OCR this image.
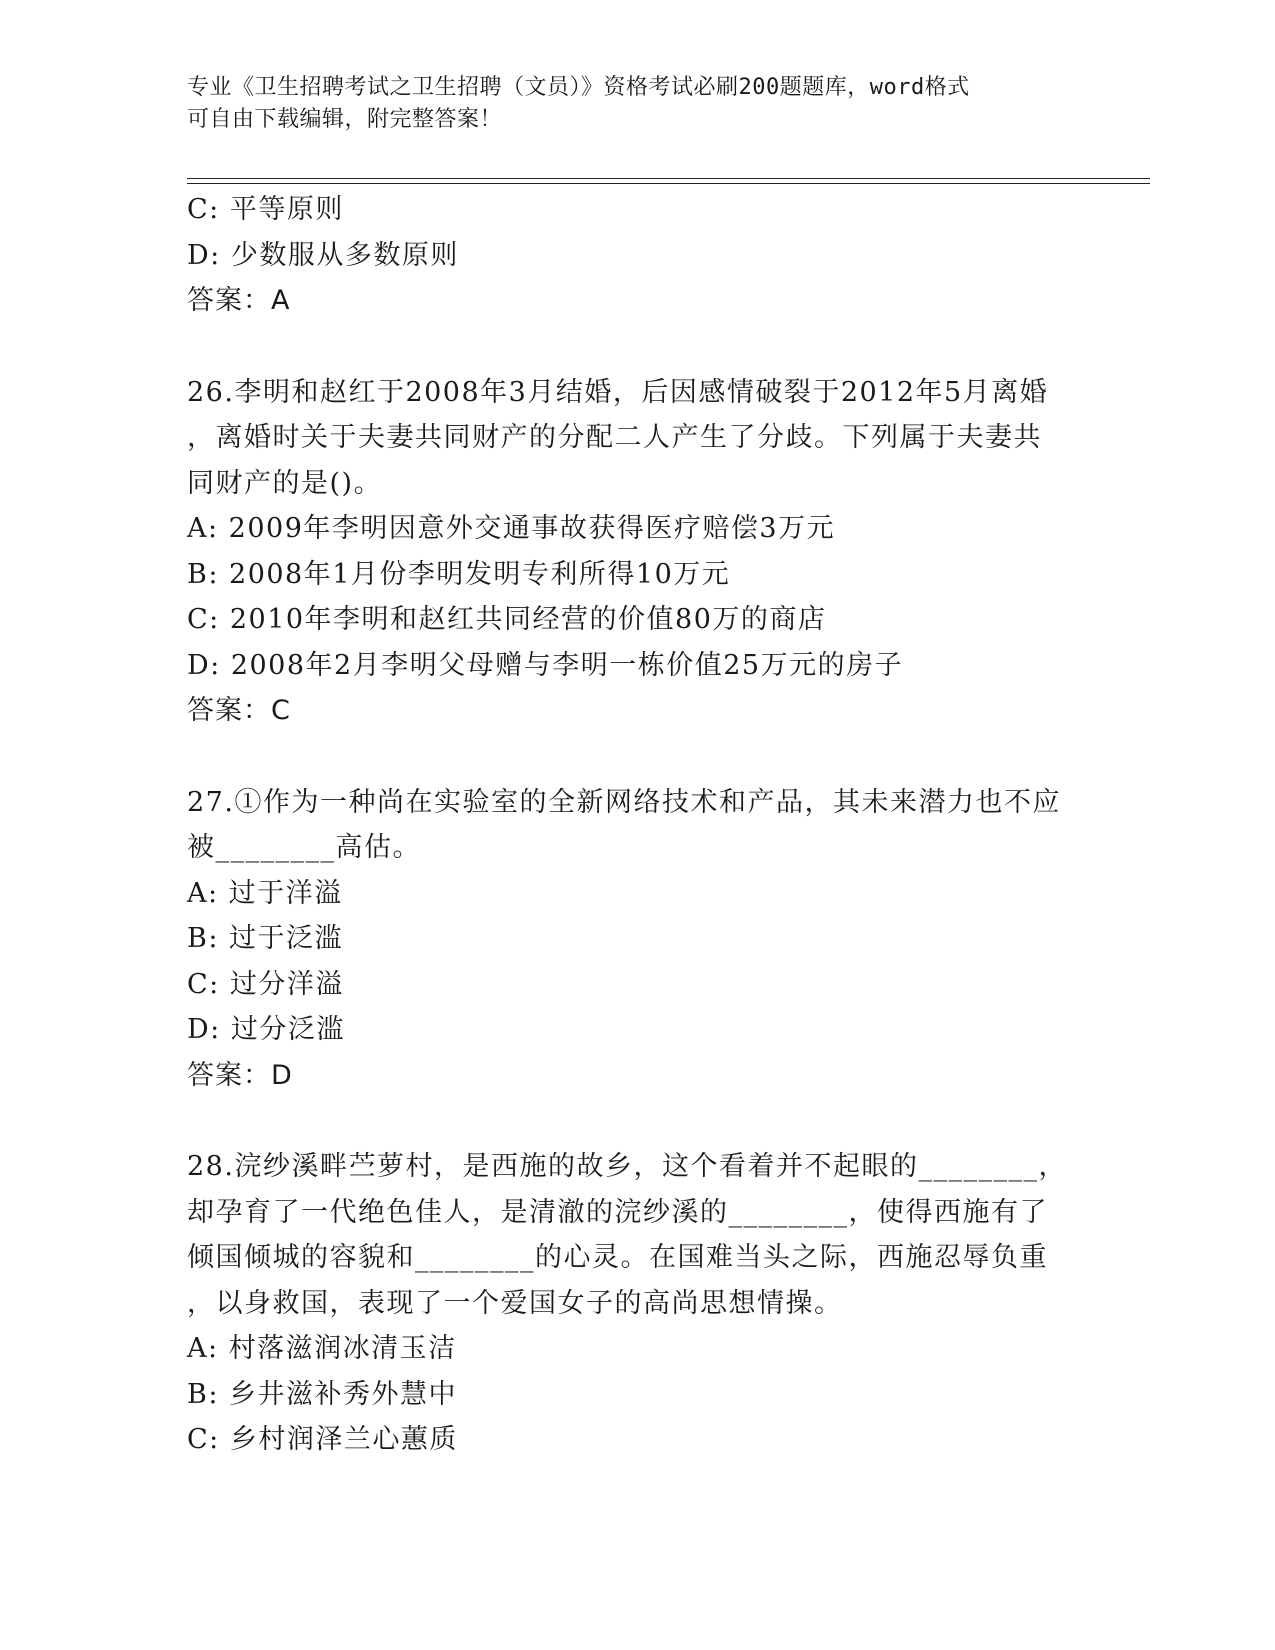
专业《卫生招聘考试之卫生招聘（文员）》资格考试必刷200题题库，word格式
可自由下载编辑，附完整答案！
C: 平等原则
D: 少数服从多数原则
答案：A
26.李明和赵红于2008年3月结婚，后因感情破裂于2012年5月离婚
，离婚时关于夫妻共同财产的分配二人产生了分歧。下列属于夫妻共
同财产的是()。
A: 2009年李明因意外交通事故获得医疗赔偿3万元
B: 2008年1月份李明发明专利所得10万元
C: 2010年李明和赵红共同经营的价值80万的商店
D: 2008年2月李明父母赠与李明一栋价值25万元的房子
答案：C
27.①作为一种尚在实验室的全新网络技术和产品，其未来潜力也不应
被________高估。
A: 过于洋溢
B: 过于泛滥
C: 过分洋溢
D: 过分泛滥
答案：D
28.浣纱溪畔苎萝村，是西施的故乡，这个看着并不起眼的________，
却孕育了一代绝色佳人，是清澈的浣纱溪的________，使得西施有了
倾国倾城的容貌和________的心灵。在国难当头之际，西施忍辱负重
，以身救国，表现了一个爱国女子的高尚思想情操。
A: 村落滋润冰清玉洁
B: 乡井滋补秀外慧中
C: 乡村润泽兰心蕙质
